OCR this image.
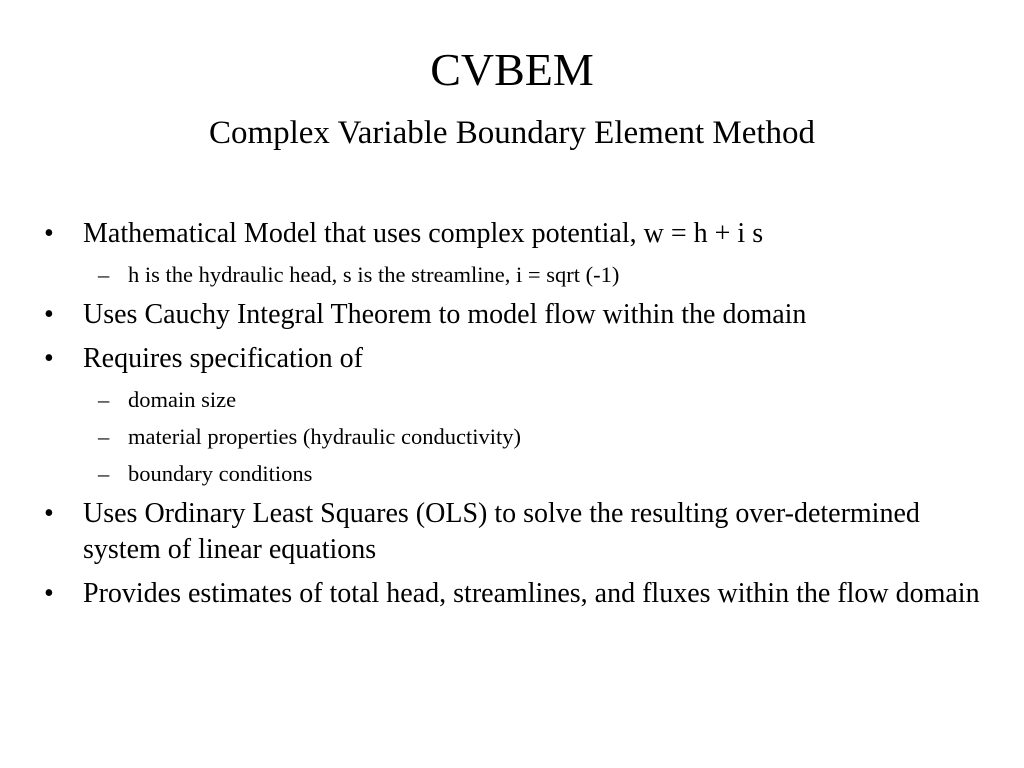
CVBEM
Complex Variable Boundary Element Method
• Mathematical Model that uses complex potential, w = h + i s
– h is the hydraulic head, s is the streamline, i = sqrt (-1)
• Uses Cauchy Integral Theorem to model flow within the domain
• Requires specification of
– domain size
– material properties (hydraulic conductivity)
– boundary conditions
• Uses Ordinary Least Squares (OLS) to solve the resulting over-determined system of linear equations
• Provides estimates of total head, streamlines, and fluxes within the flow domain
